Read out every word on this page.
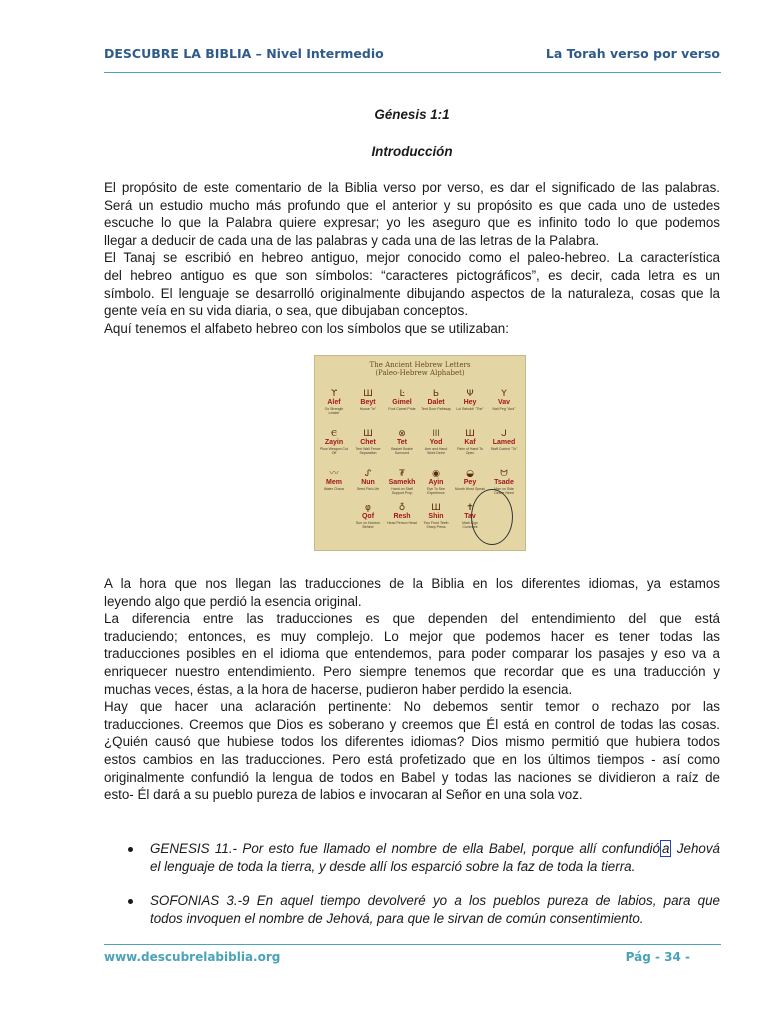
DESCUBRE LA BIBLIA – Nivel Intermedio	La Torah verso por verso
Génesis 1:1
Introducción
El propósito de este comentario de la Biblia verso por verso, es dar el significado de las palabras.
Será un estudio mucho más profundo que el anterior y su propósito es que cada uno de ustedes
escuche lo que la Palabra quiere expresar; yo les aseguro que es infinito todo lo que podemos
llegar a deducir de cada una de las palabras y cada una de las letras de la Palabra.
El Tanaj se escribió en hebreo antiguo, mejor conocido como el paleo-hebreo. La característica
del hebreo antiguo es que son símbolos: “caracteres pictográficos”, es decir, cada letra es un
símbolo. El lenguaje se desarrolló originalmente dibujando aspectos de la naturaleza, cosas que la
gente veía en su vida diaria, o sea, que dibujaban conceptos.
Aquí tenemos el alfabeto hebreo con los símbolos que se utilizaban:
The Ancient Hebrew Letters
(Paleo-Hebrew Alphabet)
ϒ
Alef
Ox Strength Leader
Ш
Beyt
House "In"
Ŀ
Gimel
Foot Camel Pride
Ь
Dalet
Tent Door Pathway
Ψ
Hey
Lo! Behold! "The"
Y
Vav
Nail Peg "And"
Ⲉ
Zayin
Plow Weapon Cut Off
Ш
Chet
Tent Wall Fence Separation
⊗
Tet
Basket Snake Surround
Ⲽ
Yod
Arm and Hand Work Deed
Ш
Kaf
Palm of Hand To Open
ᒍ
Lamed
Staff Control "To"
〰
Mem
Water Chaos
ᔑ
Nun
Seed Fish Life
₮
Samekh
Hand on Staff Support Prop
◉
Ayin
Eye To See Experience
◒
Pey
Mouth Word Speak
ᗢ
Tsade
Man on Side Desire Need
φ
Qof
Sun on Horizon Behind
♁
Resh
Head Person Head
Ш
Shin
Two Front Teeth Sharp Press
✝
Tav
Mark Sign Covenant
A la hora que nos llegan las traducciones de la Biblia en los diferentes idiomas, ya estamos
leyendo algo que perdió la esencia original.
La diferencia entre las traducciones es que dependen del entendimiento del que está
traduciendo; entonces, es muy complejo. Lo mejor que podemos hacer es tener todas las
traducciones posibles en el idioma que entendemos, para poder comparar los pasajes y eso va a
enriquecer nuestro entendimiento. Pero siempre tenemos que recordar que es una traducción y
muchas veces, éstas, a la hora de hacerse, pudieron haber perdido la esencia.
Hay que hacer una aclaración pertinente: No debemos sentir temor o rechazo por las
traducciones. Creemos que Dios es soberano y creemos que Él está en control de todas las cosas.
¿Quién causó que hubiese todos los diferentes idiomas? Dios mismo permitió que hubiera todos
estos cambios en las traducciones. Pero está profetizado que en los últimos tiempos - así como
originalmente confundió la lengua de todos en Babel y todas las naciones se dividieron a raíz de
esto- Él dará a su pueblo pureza de labios e invocaran al Señor en una sola voz.
GENESIS 11.- Por esto fue llamado el nombre de ella Babel, porque allí confundió a Jehová
el lenguaje de toda la tierra, y desde allí los esparció sobre la faz de toda la tierra.
SOFONIAS 3.-9 En aquel tiempo devolveré yo a los pueblos pureza de labios, para que
todos invoquen el nombre de Jehová, para que le sirvan de común consentimiento.
www.descubrelabiblia.org	Pág - 34 -
